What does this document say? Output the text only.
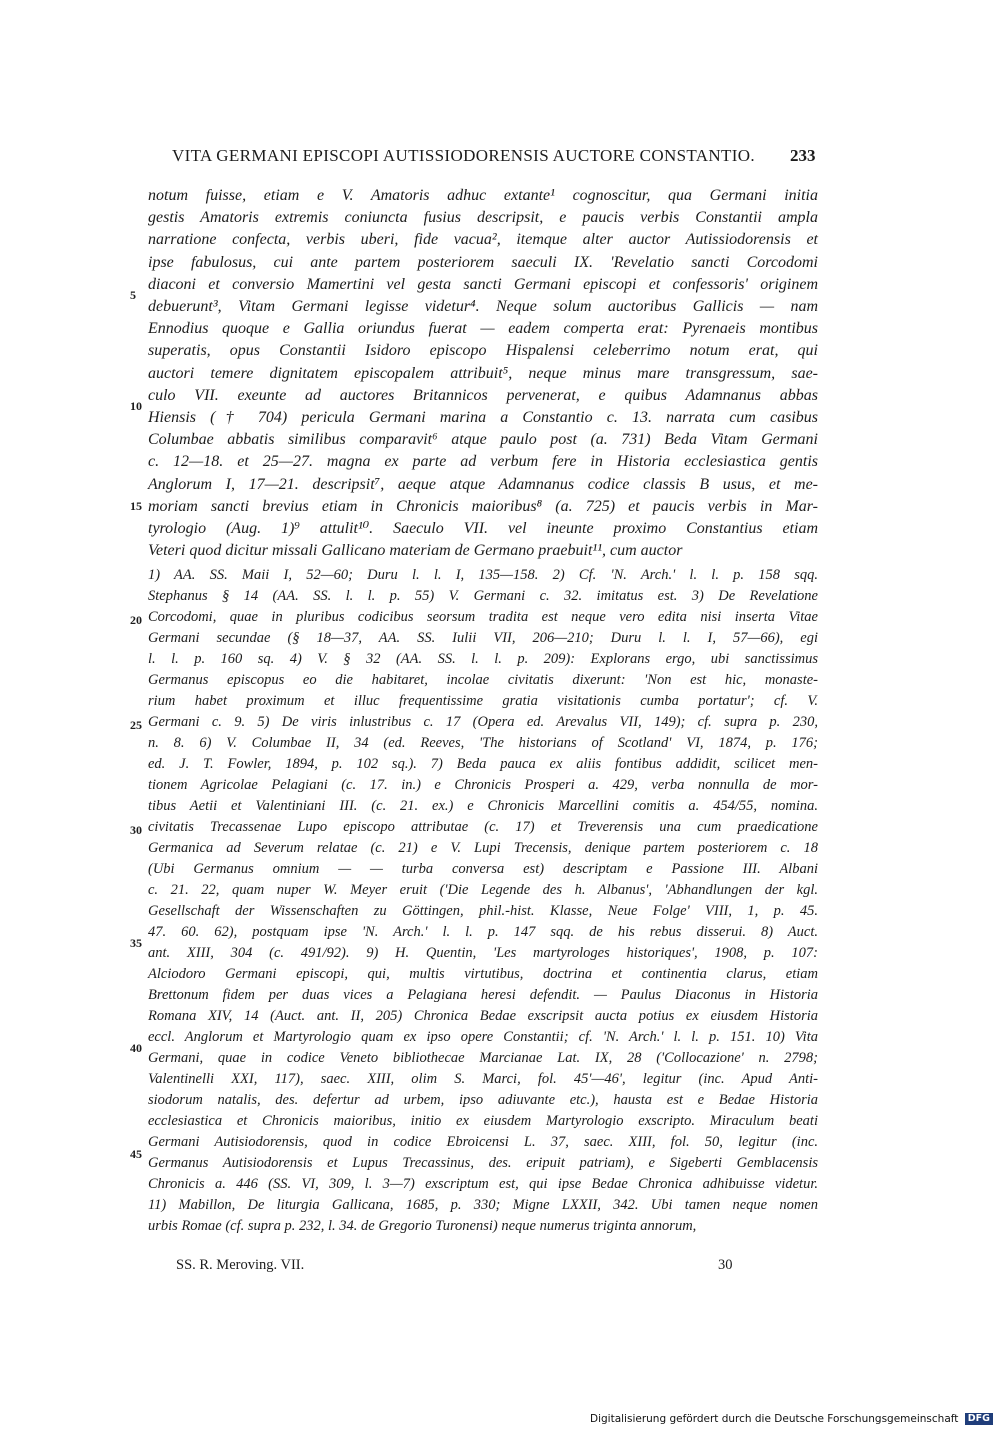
VITA GERMANI EPISCOPI AUTISSIODORENSIS AUCTORE CONSTANTIO.	233
notum fuisse, etiam e V. Amatoris adhuc extante¹ cognoscitur, qua Germani initia
gestis Amatoris extremis coniuncta fusius descripsit, e paucis verbis Constantii ampla
narratione confecta, verbis uberi, fide vacua², itemque alter auctor Autissiodorensis et
ipse fabulosus, cui ante partem posteriorem saeculi IX. 'Revelatio sancti Corcodomi
diaconi et conversio Mamertini vel gesta sancti Germani episcopi et confessoris' originem
debuerunt³, Vitam Germani legisse videtur⁴. Neque solum auctoribus Gallicis — nam
Ennodius quoque e Gallia oriundus fuerat — eadem comperta erat: Pyrenaeis montibus
superatis, opus Constantii Isidoro episcopo Hispalensi celeberrimo notum erat, qui
auctori temere dignitatem episcopalem attribuit⁵, neque minus mare transgressum, sae-
culo VII. exeunte ad auctores Britannicos pervenerat, e quibus Adamnanus abbas
Hiensis († 704) pericula Germani marina a Constantio c. 13. narrata cum casibus
Columbae abbatis similibus comparavit⁶ atque paulo post (a. 731) Beda Vitam Germani
c. 12—18. et 25—27. magna ex parte ad verbum fere in Historia ecclesiastica gentis
Anglorum I, 17—21. descripsit⁷, aeque atque Adamnanus codice classis B usus, et me-
moriam sancti brevius etiam in Chronicis maioribus⁸ (a. 725) et paucis verbis in Mar-
tyrologio (Aug. 1)⁹ attulit¹⁰. Saeculo VII. vel ineunte proximo Constantius etiam
Veteri quod dicitur missali Gallicano materiam de Germano praebuit¹¹, cum auctor
1) AA. SS. Maii I, 52—60; Duru l. l. I, 135—158. 2) Cf. 'N. Arch.' l. l. p. 158 sqq.
Stephanus § 14 (AA. SS. l. l. p. 55) V. Germani c. 32. imitatus est. 3) De Revelatione
Corcodomi, quae in pluribus codicibus seorsum tradita est neque vero edita nisi inserta Vitae
Germani secundae (§ 18—37, AA. SS. Iulii VII, 206—210; Duru l. l. I, 57—66), egi
l. l. p. 160 sq. 4) V. § 32 (AA. SS. l. l. p. 209): Explorans ergo, ubi sanctissimus
Germanus episcopus eo die habitaret, incolae civitatis dixerunt: 'Non est hic, monaste-
rium habet proximum et illuc frequentissime gratia visitationis cumba portatur'; cf. V.
Germani c. 9. 5) De viris inlustribus c. 17 (Opera ed. Arevalus VII, 149); cf. supra p. 230,
n. 8. 6) V. Columbae II, 34 (ed. Reeves, 'The historians of Scotland' VI, 1874, p. 176;
ed. J. T. Fowler, 1894, p. 102 sq.). 7) Beda pauca ex aliis fontibus addidit, scilicet men-
tionem Agricolae Pelagiani (c. 17. in.) e Chronicis Prosperi a. 429, verba nonnulla de mor-
tibus Aetii et Valentiniani III. (c. 21. ex.) e Chronicis Marcellini comitis a. 454/55, nomina.
civitatis Trecassenae Lupo episcopo attributae (c. 17) et Treverensis una cum praedicatione
Germanica ad Severum relatae (c. 21) e V. Lupi Trecensis, denique partem posteriorem c. 18
(Ubi Germanus omnium — — turba conversa est) descriptam e Passione III. Albani
c. 21. 22, quam nuper W. Meyer eruit ('Die Legende des h. Albanus', 'Abhandlungen der kgl.
Gesellschaft der Wissenschaften zu Göttingen, phil.-hist. Klasse, Neue Folge' VIII, 1, p. 45.
47. 60. 62), postquam ipse 'N. Arch.' l. l. p. 147 sqq. de his rebus disserui. 8) Auct.
ant. XIII, 304 (c. 491/92). 9) H. Quentin, 'Les martyrologes historiques', 1908, p. 107:
Alciodoro Germani episcopi, qui, multis virtutibus, doctrina et continentia clarus, etiam
Brettonum fidem per duas vices a Pelagiana heresi defendit. — Paulus Diaconus in Historia
Romana XIV, 14 (Auct. ant. II, 205) Chronica Bedae exscripsit aucta potius ex eiusdem Historia
eccl. Anglorum et Martyrologio quam ex ipso opere Constantii; cf. 'N. Arch.' l. l. p. 151. 10) Vita
Germani, quae in codice Veneto bibliothecae Marcianae Lat. IX, 28 ('Collocazione' n. 2798;
Valentinelli XXI, 117), saec. XIII, olim S. Marci, fol. 45'—46', legitur (inc. Apud Anti-
siodorum natalis, des. defertur ad urbem, ipso adiuvante etc.), hausta est e Bedae Historia
ecclesiastica et Chronicis maioribus, initio ex eiusdem Martyrologio exscripto. Miraculum beati
Germani Autisiodorensis, quod in codice Ebroicensi L. 37, saec. XIII, fol. 50, legitur (inc.
Germanus Autisiodorensis et Lupus Trecassinus, des. eripuit patriam), e Sigeberti Gemblacensis
Chronicis a. 446 (SS. VI, 309, l. 3—7) exscriptum est, qui ipse Bedae Chronica adhibuisse videtur.
11) Mabillon, De liturgia Gallicana, 1685, p. 330; Migne LXXII, 342. Ubi tamen neque nomen
urbis Romae (cf. supra p. 232, l. 34. de Gregorio Turonensi) neque numerus triginta annorum,
5
10
15
20
25
30
35
40
45
SS. R. Meroving. VII.	30
Digitalisierung gefördert durch die Deutsche Forschungsgemeinschaft DFG
